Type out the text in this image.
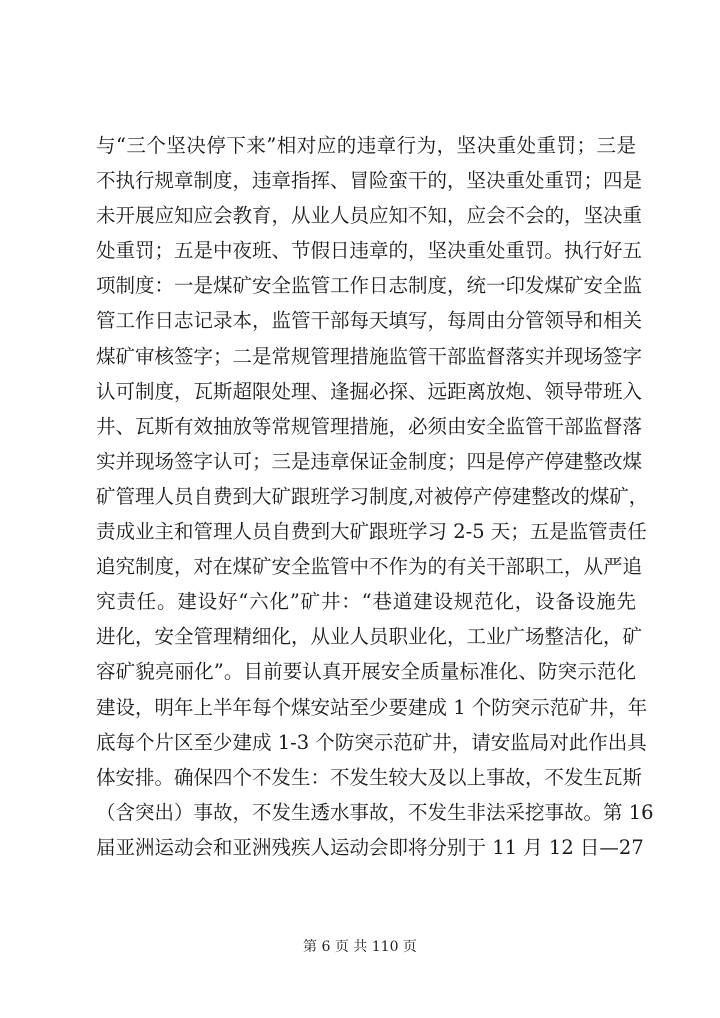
与“三个坚决停下来”相对应的违章行为，坚决重处重罚；三是
不执行规章制度，违章指挥、冒险蛮干的，坚决重处重罚；四是
未开展应知应会教育，从业人员应知不知，应会不会的，坚决重
处重罚；五是中夜班、节假日违章的，坚决重处重罚。执行好五
项制度：一是煤矿安全监管工作日志制度，统一印发煤矿安全监
管工作日志记录本，监管干部每天填写，每周由分管领导和相关
煤矿审核签字；二是常规管理措施监管干部监督落实并现场签字
认可制度，瓦斯超限处理、逢掘必探、远距离放炮、领导带班入
井、瓦斯有效抽放等常规管理措施，必须由安全监管干部监督落
实并现场签字认可；三是违章保证金制度；四是停产停建整改煤
矿管理人员自费到大矿跟班学习制度,对被停产停建整改的煤矿，
责成业主和管理人员自费到大矿跟班学习 2-5 天；五是监管责任
追究制度，对在煤矿安全监管中不作为的有关干部职工，从严追
究责任。建设好“六化”矿井：“巷道建设规范化，设备设施先
进化，安全管理精细化，从业人员职业化，工业广场整洁化，矿
容矿貌亮丽化”。目前要认真开展安全质量标准化、防突示范化
建设，明年上半年每个煤安站至少要建成 1 个防突示范矿井，年
底每个片区至少建成 1-3 个防突示范矿井，请安监局对此作出具
体安排。确保四个不发生：不发生较大及以上事故，不发生瓦斯
（含突出）事故，不发生透水事故，不发生非法采挖事故。第 16
届亚洲运动会和亚洲残疾人运动会即将分别于 11 月 12 日—27
第 6 页 共 110 页
